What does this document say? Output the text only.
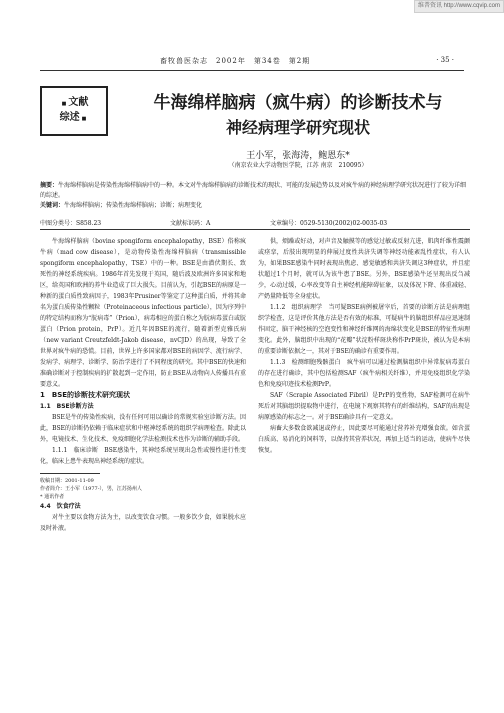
维普资讯 http://www.cqvip.com
畜牧兽医杂志　2002年　第34卷　第2期	· 35 ·
■ 文献
综述 ■
牛海绵样脑病（疯牛病）的诊断技术与
神经病理学研究现状
王小军，张海涛，鲍恩东*
（南京农业大学动物医学院，江苏 南京　210095）
摘要：牛海绵样脑病是传染性海绵样脑病中的一种。本文对牛海绵样脑病的诊断技术的现状、可能的发展趋势以及对疯牛病的神经病理学研究状况进行了较为详细的综述。
关键词：牛海绵样脑病；传染性海绵样脑病；诊断；病理变化
中图分类号：S858.23	文献标识码：A	文章编号：0529-5130(2002)02-0035-03

牛海绵样脑病（bovine spongiform encephalopathy，BSE）俗称疯牛病（mad cow disease），是动物传染性海绵样脑病（transmissible spongiform encephalopathy，TSE）中的一种。BSE是由潜伏期长、致死性的神经系统疾病。1986年首先发现于英国，随后波及欧洲许多国家和地区，给英国和欧洲的养牛业造成了巨大损失。目前认为，引起BSE的病原是一种新的蛋白质性致病因子，1983年Prusiner等鉴定了这种蛋白质，并将其命名为蛋白质传染性颗粒（Proteinaceous infectious particle），因为序列中的特定结构而称为“朊病毒”（Prion），病毒相应的蛋白称之为朊病毒蛋白或朊蛋白（Prion protein，PrP）。近几年因BSE的流行，随着新型克雅氏病（new variant Creutzfeldt-Jakob disease，nvCJD）的出现，导致了全世界对疯牛病的恐慌。目前，世界上许多国家都对BSE的病因学、流行病学、发病学、病理学、诊断学、防治学进行了不同程度的研究。其中BSE的快速和准确诊断对于控制疾病的扩散起到一定作用，防止BSE从动物向人传播具有重要意义。

1　BSE的诊断技术研究现状

1.1　BSE诊断方法

BSE是牛的传染性疾病，没有任何可用以确诊的常规实验室诊断方法。因此，BSE的诊断仍依赖于临床症状和中枢神经系统的组织学病理检查。除此以外，电镜技术、生化技术、免疫细胞化学法检测技术也作为诊断的辅助手段。

1.1.1　临床诊断　BSE感染牛，其神经系统呈现出急性或慢性进行性变化，临床上患牛表现出神经系统的症状。

收稿日期：2001-11-09

作者简介：王小军（1977-），男，江苏扬州人

* 通讯作者

4.4　饮食疗法

对牛主要以食物方法为主，以改变饮食习惯。一般多饮少食，如果脱水应及时补液。

供，烦躁或好动，对声音及触摸等的感觉过敏或反射亢进，肌肉纤维性震颤或痉挛，后肢出现明显的伸展过度性共济失调等神经功能紊乱性症状，有人认为，如果BSE感染牛同时表现出焦虑、感觉敏感和共济失调这3种症状，并且症状超过1个月时，就可认为该牛患了BSE。另外，BSE感染牛还呈现出反刍减少，心动过缓，心率改变等自主神经机能障碍征象，以及体况下降、体重减轻、产奶量降低等全身症状。

1.1.2　组织病理学　当可疑BSE病例被屠宰后，首要的诊断方法是病理组织学检查，这是评价其他方法是否有效的标准，可疑病牛的脑组织样品应迅速制作固定，脑干神经核的空泡变性和神经纤维网的海绵状变化是BSE的特征性病理变化。此外，脑组织中出现的“花瓣”状淀粉样斑块称作PrP斑块，被认为是本病的重要诊断依据之一，其对于BSE的确诊有重要作用。

1.1.3　检测细胞残骸蛋白　疯牛病可以通过检测脑组织中异常朊病毒蛋白的存在进行确诊，其中包括检测SAF（疯牛病相关纤维），并用免疫组织化学染色和免疫印迹技术检测PrP。

SAF（Scrapie Associated Fibril）是PrP的变性物，SAF检测可在病牛死后对其脑组织提取物中进行，在电镜下观察其特有的纤维结构，SAF的出现是病原感染的标志之一。对于BSE确诊具有一定意义。

病畜大多数食欲减退或停止，因此要尽可能通过营养补充增强食欲。如含蛋白质高、易消化的饲料等，以保持其营养状况，再加上适当的运动，使病牛尽快恢复。
